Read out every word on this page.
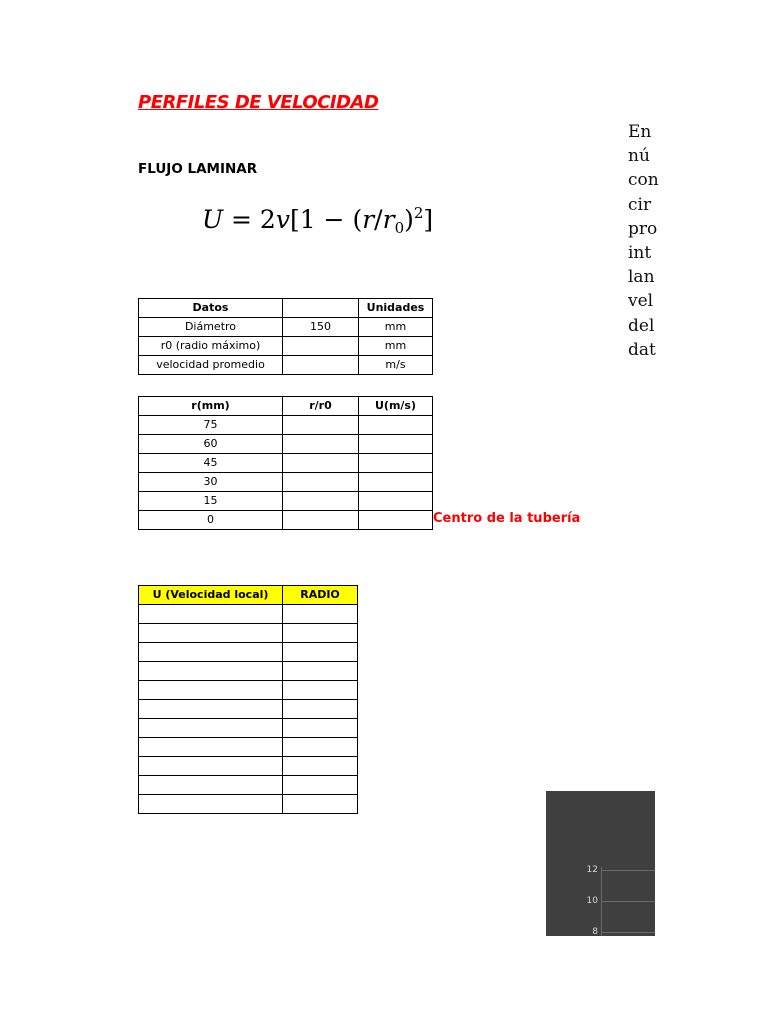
PERFILES DE VELOCIDAD
FLUJO LAMINAR
$U = 2v[1 - (r/r_0)^2]$
Datos		Unidades
Diámetro	150	mm
r0 (radio máximo)		mm
velocidad promedio		m/s
r(mm)	r/r0	U(m/s)
75		
60		
45		
30		
15		
0			Centro de la tubería
U (Velocidad local)	RADIO

En
nú
con
cir
pro
int
lan
vel
del
dat
12
10
8
